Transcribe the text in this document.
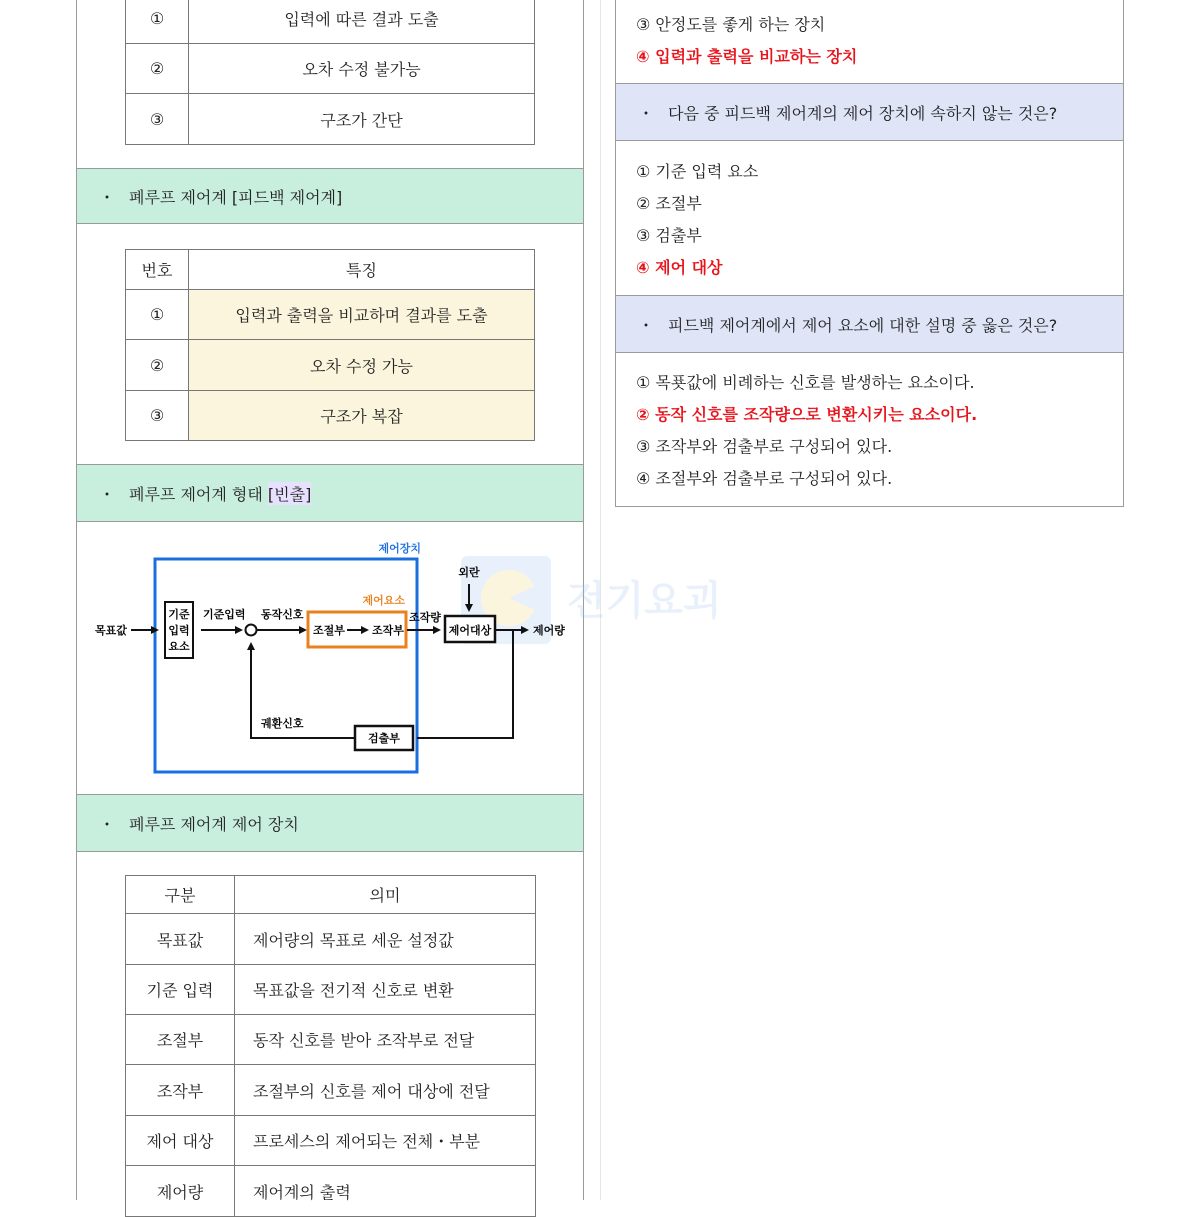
①	입력에 따른 결과 도출
②	오차 수정 불가능
③	구조가 간단
・ 폐루프 제어계 [피드백 제어계]
번호	특징
①	입력과 출력을 비교하며 결과를 도출
②	오차 수정 가능
③	구조가 복잡
・ 폐루프 제어계 형태 [빈출]
전기요괴
제어장치
목표값
기준
입력
요소
기준입력 동작신호
제어요소
조절부 조작부
조작량
외란
제어대상	제어량
검출부
궤환신호
・ 폐루프 제어계 제어 장치
구분	의미
목표값	제어량의 목표로 세운 설정값
기준 입력	목표값을 전기적 신호로 변환
조절부	동작 신호를 받아 조작부로 전달
조작부	조절부의 신호를 제어 대상에 전달
제어 대상	프로세스의 제어되는 전체・부분
제어량	제어계의 출력
③ 안정도를 좋게 하는 장치
④ 입력과 출력을 비교하는 장치
・ 다음 중 피드백 제어계의 제어 장치에 속하지 않는 것은?
① 기준 입력 요소
② 조절부
③ 검출부
④ 제어 대상
・ 피드백 제어계에서 제어 요소에 대한 설명 중 옳은 것은?
① 목푯값에 비례하는 신호를 발생하는 요소이다.
② 동작 신호를 조작량으로 변환시키는 요소이다.
③ 조작부와 검출부로 구성되어 있다.
④ 조절부와 검출부로 구성되어 있다.
